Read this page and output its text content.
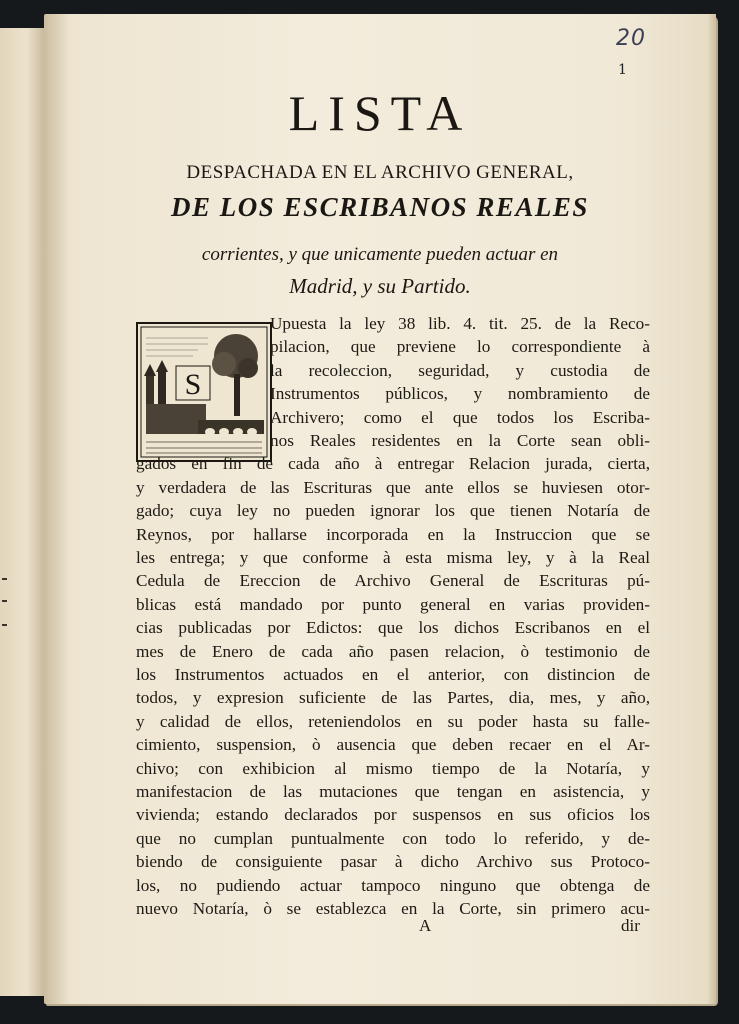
20
1
LISTA
DESPACHADA EN EL ARCHIVO GENERAL,
DE LOS ESCRIBANOS REALES
corrientes, y que unicamente pueden actuar en
Madrid, y su Partido.
S
Upuesta la ley 38 lib. 4. tit. 25. de la Reco-
pilacion, que previene lo correspondiente à
la recoleccion, seguridad, y custodia de
Instrumentos públicos, y nombramiento de
Archivero; como el que todos los Escriba-
nos Reales residentes en la Corte sean obli-
gados en fin de cada año à entregar Relacion jurada, cierta,
y verdadera de las Escrituras que ante ellos se huviesen otor-
gado; cuya ley no pueden ignorar los que tienen Notaría de
Reynos, por hallarse incorporada en la Instruccion que se
les entrega; y que conforme à esta misma ley, y à la Real
Cedula de Ereccion de Archivo General de Escrituras pú-
blicas está mandado por punto general en varias providen-
cias publicadas por Edictos: que los dichos Escribanos en el
mes de Enero de cada año pasen relacion, ò testimonio de
los Instrumentos actuados en el anterior, con distincion de
todos, y expresion suficiente de las Partes, dia, mes, y año,
y calidad de ellos, reteniendolos en su poder hasta su falle-
cimiento, suspension, ò ausencia que deben recaer en el Ar-
chivo; con exhibicion al mismo tiempo de la Notaría, y
manifestacion de las mutaciones que tengan en asistencia, y
vivienda; estando declarados por suspensos en sus oficios los
que no cumplan puntualmente con todo lo referido, y de-
biendo de consiguiente pasar à dicho Archivo sus Protoco-
los, no pudiendo actuar tampoco ninguno que obtenga de
nuevo Notaría, ò se establezca en la Corte, sin primero acu-
A	dir
